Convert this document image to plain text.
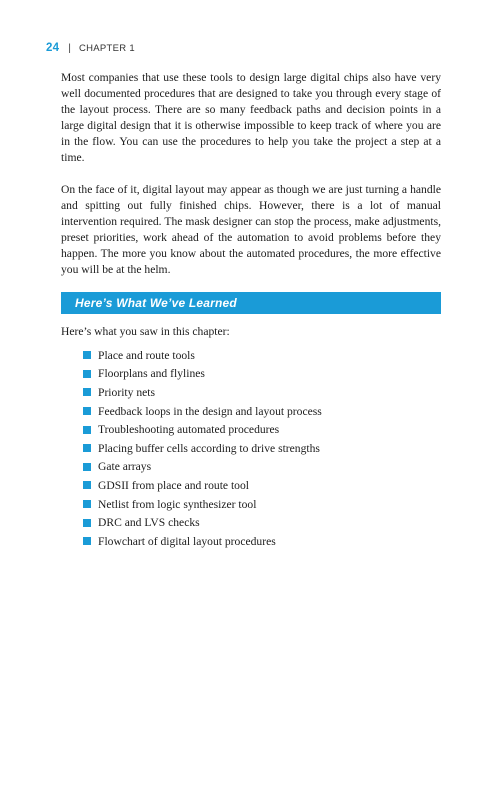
24 | CHAPTER 1

Most companies that use these tools to design large digital chips also have very well documented procedures that are designed to take you through every stage of the layout process. There are so many feedback paths and decision points in a large digital design that it is otherwise impossible to keep track of where you are in the flow. You can use the procedures to help you take the project a step at a time.

On the face of it, digital layout may appear as though we are just turning a handle and spitting out fully finished chips. However, there is a lot of manual intervention required. The mask designer can stop the process, make adjustments, preset priorities, work ahead of the automation to avoid problems before they happen. The more you know about the automated procedures, the more effective you will be at the helm.

Here’s What We’ve Learned

Here’s what you saw in this chapter:

Place and route tools
Floorplans and flylines
Priority nets
Feedback loops in the design and layout process
Troubleshooting automated procedures
Placing buffer cells according to drive strengths
Gate arrays
GDSII from place and route tool
Netlist from logic synthesizer tool
DRC and LVS checks
Flowchart of digital layout procedures
